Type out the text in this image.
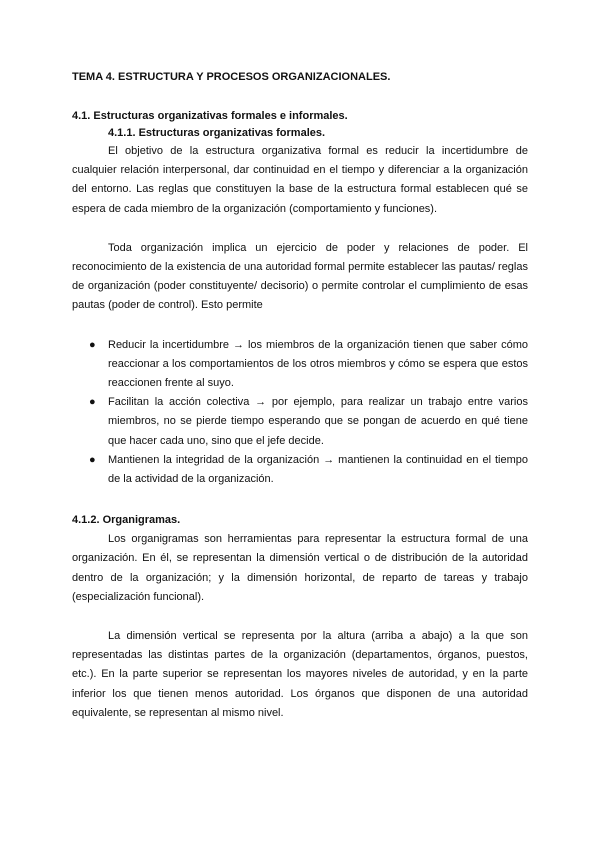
TEMA 4. ESTRUCTURA Y PROCESOS ORGANIZACIONALES.
4.1. Estructuras organizativas formales e informales.
4.1.1. Estructuras organizativas formales.

El objetivo de la estructura organizativa formal es reducir la incertidumbre de cualquier relación interpersonal, dar continuidad en el tiempo y diferenciar a la organización del entorno. Las reglas que constituyen la base de la estructura formal establecen qué se espera de cada miembro de la organización (comportamiento y funciones).

Toda organización implica un ejercicio de poder y relaciones de poder. El reconocimiento de la existencia de una autoridad formal permite establecer las pautas/ reglas de organización (poder constituyente/ decisorio) o permite controlar el cumplimiento de esas pautas (poder de control). Esto permite

● Reducir la incertidumbre → los miembros de la organización tienen que saber cómo reaccionar a los comportamientos de los otros miembros y cómo se espera que estos reaccionen frente al suyo.
● Facilitan la acción colectiva → por ejemplo, para realizar un trabajo entre varios miembros, no se pierde tiempo esperando que se pongan de acuerdo en qué tiene que hacer cada uno, sino que el jefe decide.
● Mantienen la integridad de la organización → mantienen la continuidad en el tiempo de la actividad de la organización.
4.1.2. Organigramas.

Los organigramas son herramientas para representar la estructura formal de una organización. En él, se representan la dimensión vertical o de distribución de la autoridad dentro de la organización; y la dimensión horizontal, de reparto de tareas y trabajo (especialización funcional).

La dimensión vertical se representa por la altura (arriba a abajo) a la que son representadas las distintas partes de la organización (departamentos, órganos, puestos, etc.). En la parte superior se representan los mayores niveles de autoridad, y en la parte inferior los que tienen menos autoridad. Los órganos que disponen de una autoridad equivalente, se representan al mismo nivel.
